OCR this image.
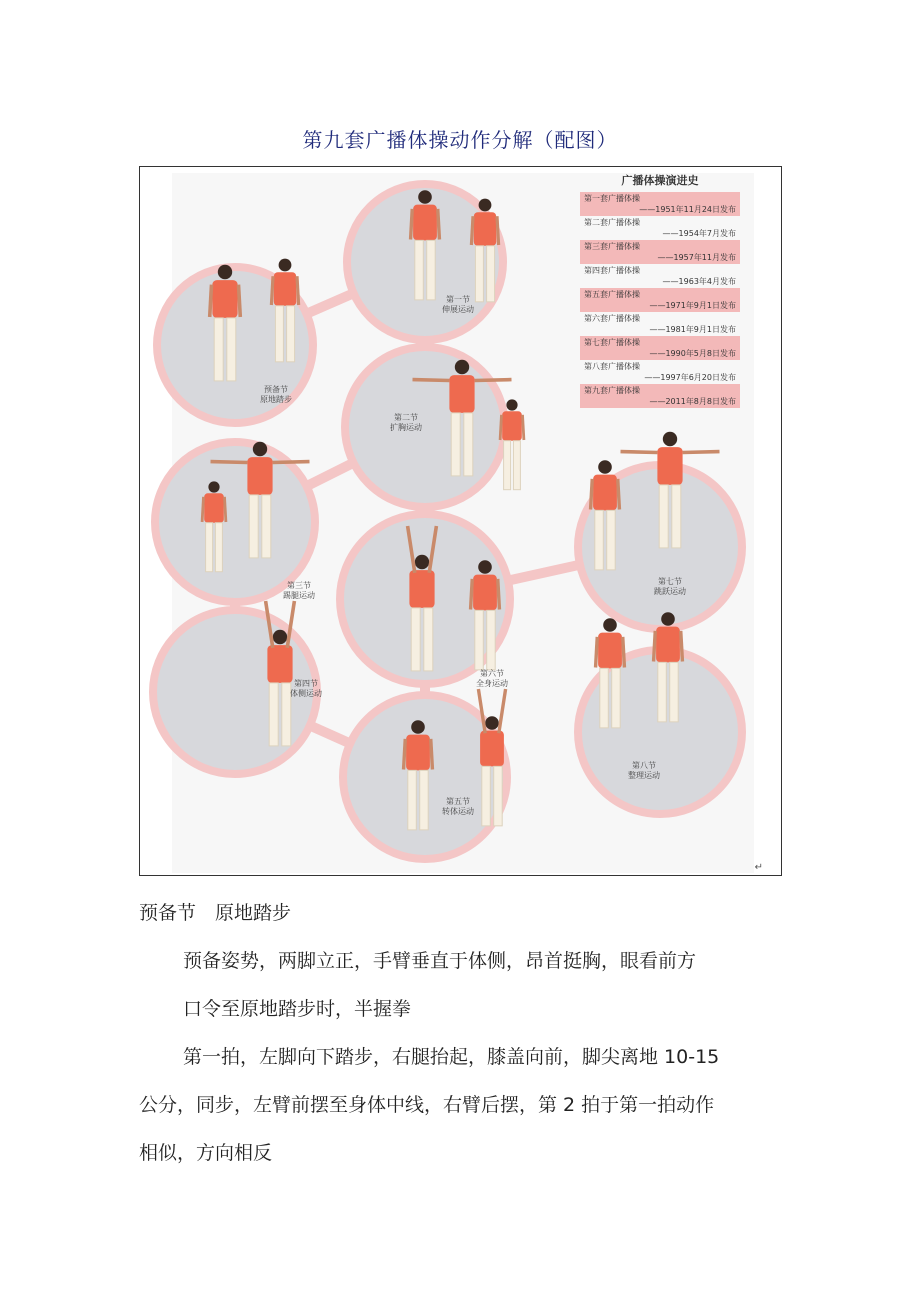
第九套广播体操动作分解（配图）
广播体操演进史
第一套广播体操
——1951年11月24日发布
第二套广播体操
——1954年7月发布
第三套广播体操
——1957年11月发布
第四套广播体操
——1963年4月发布
第五套广播体操
——1971年9月1日发布
第六套广播体操
——1981年9月1日发布
第七套广播体操
——1990年5月8日发布
第八套广播体操
——1997年6月20日发布
第九套广播体操
——2011年8月8日发布
预备节
原地踏步
第一节
伸展运动
第二节
扩胸运动
第三节
踢腿运动
第四节
体侧运动
第五节
转体运动
第六节
全身运动
第七节
跳跃运动
第八节
整理运动
↵
预备节　原地踏步
预备姿势，两脚立正，手臂垂直于体侧，昂首挺胸，眼看前方
口令至原地踏步时，半握拳
第一拍，左脚向下踏步，右腿抬起，膝盖向前，脚尖离地 10-15
公分，同步，左臂前摆至身体中线，右臂后摆，第 2 拍于第一拍动作
相似，方向相反
